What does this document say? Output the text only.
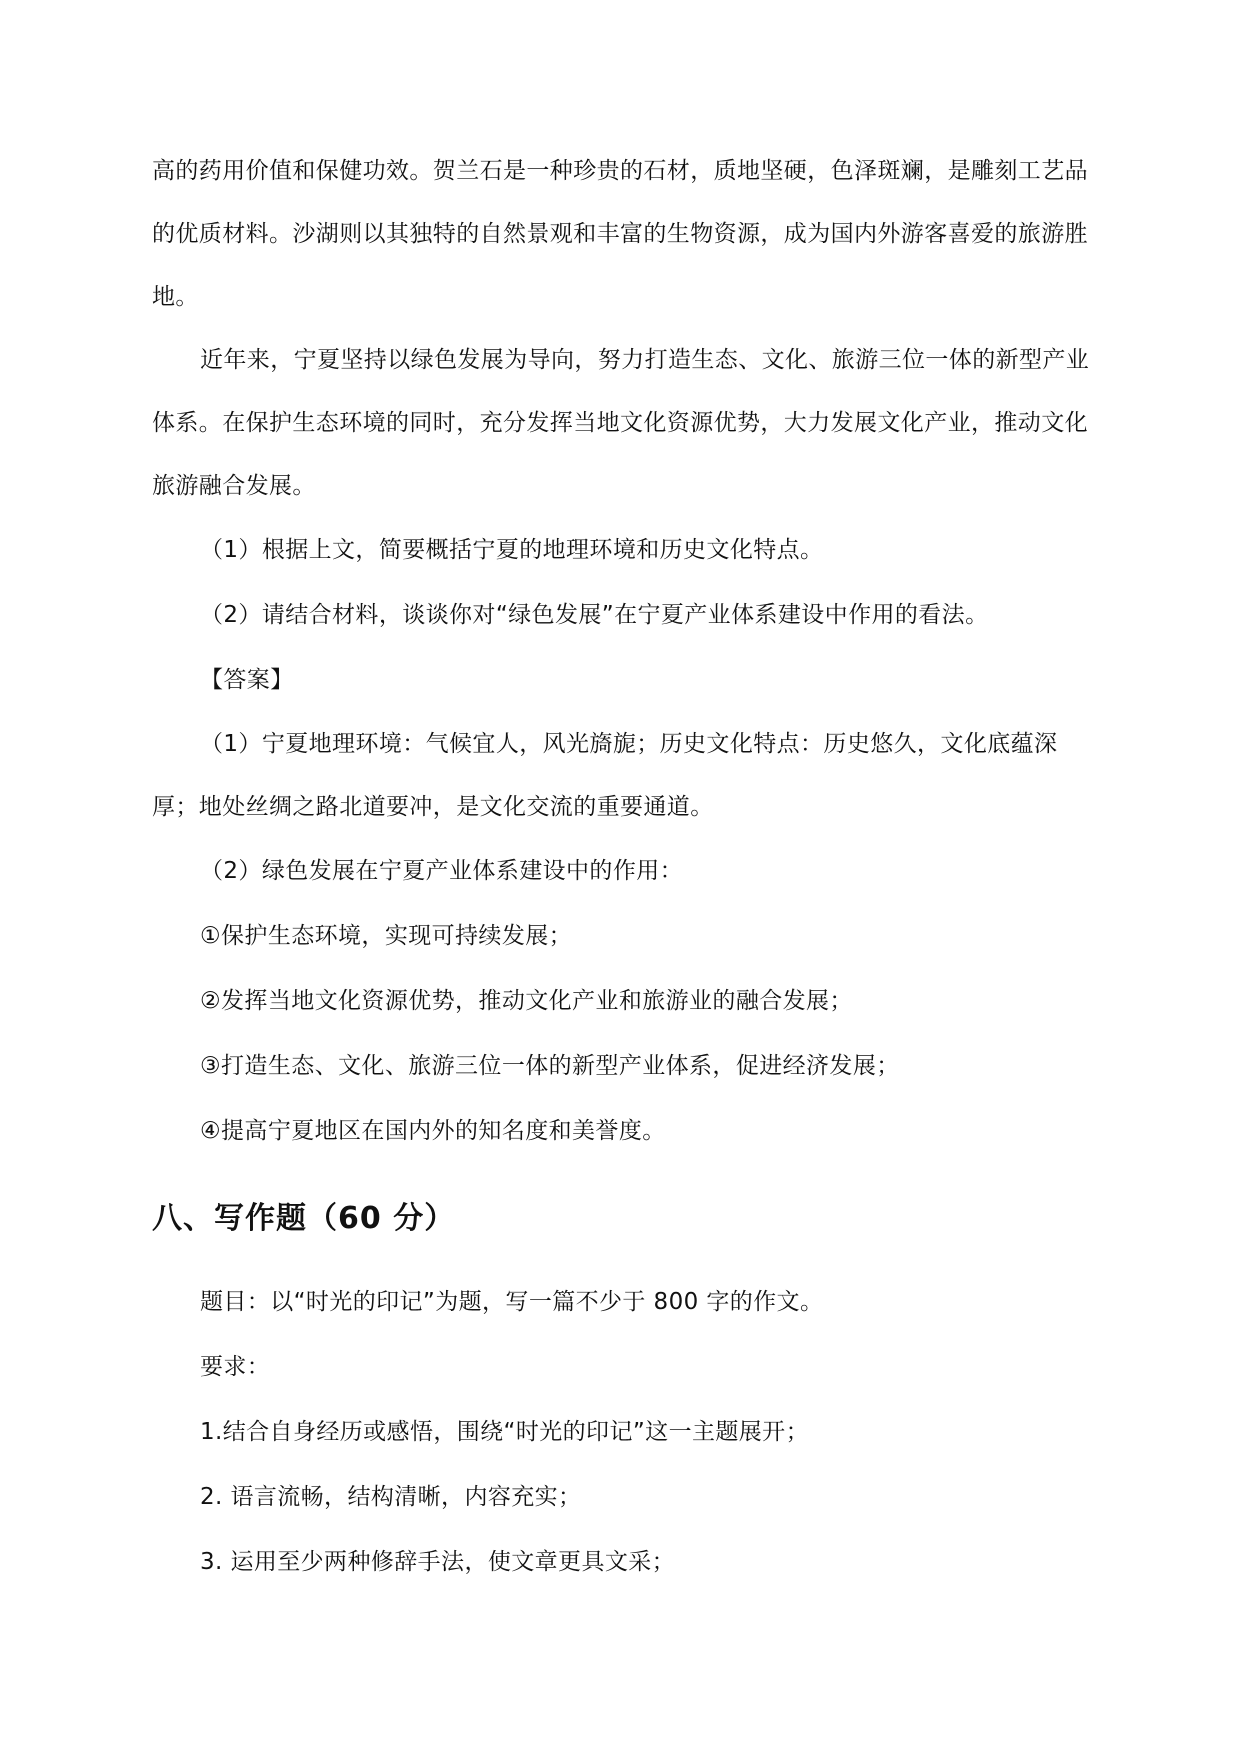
高的药用价值和保健功效。贺兰石是一种珍贵的石材，质地坚硬，色泽斑斓，是雕刻工艺品的优质材料。沙湖则以其独特的自然景观和丰富的生物资源，成为国内外游客喜爱的旅游胜地。

近年来，宁夏坚持以绿色发展为导向，努力打造生态、文化、旅游三位一体的新型产业体系。在保护生态环境的同时，充分发挥当地文化资源优势，大力发展文化产业，推动文化旅游融合发展。

（1）根据上文，简要概括宁夏的地理环境和历史文化特点。

（2）请结合材料，谈谈你对“绿色发展”在宁夏产业体系建设中作用的看法。

【答案】

（1）宁夏地理环境：气候宜人，风光旖旎；历史文化特点：历史悠久，文化底蕴深厚；地处丝绸之路北道要冲，是文化交流的重要通道。

（2）绿色发展在宁夏产业体系建设中的作用：

①保护生态环境，实现可持续发展；

②发挥当地文化资源优势，推动文化产业和旅游业的融合发展；

③打造生态、文化、旅游三位一体的新型产业体系，促进经济发展；

④提高宁夏地区在国内外的知名度和美誉度。

八、写作题（60 分）

题目：以“时光的印记”为题，写一篇不少于 800 字的作文。

要求：

1.结合自身经历或感悟，围绕“时光的印记”这一主题展开；

2. 语言流畅，结构清晰，内容充实；

3. 运用至少两种修辞手法，使文章更具文采；
